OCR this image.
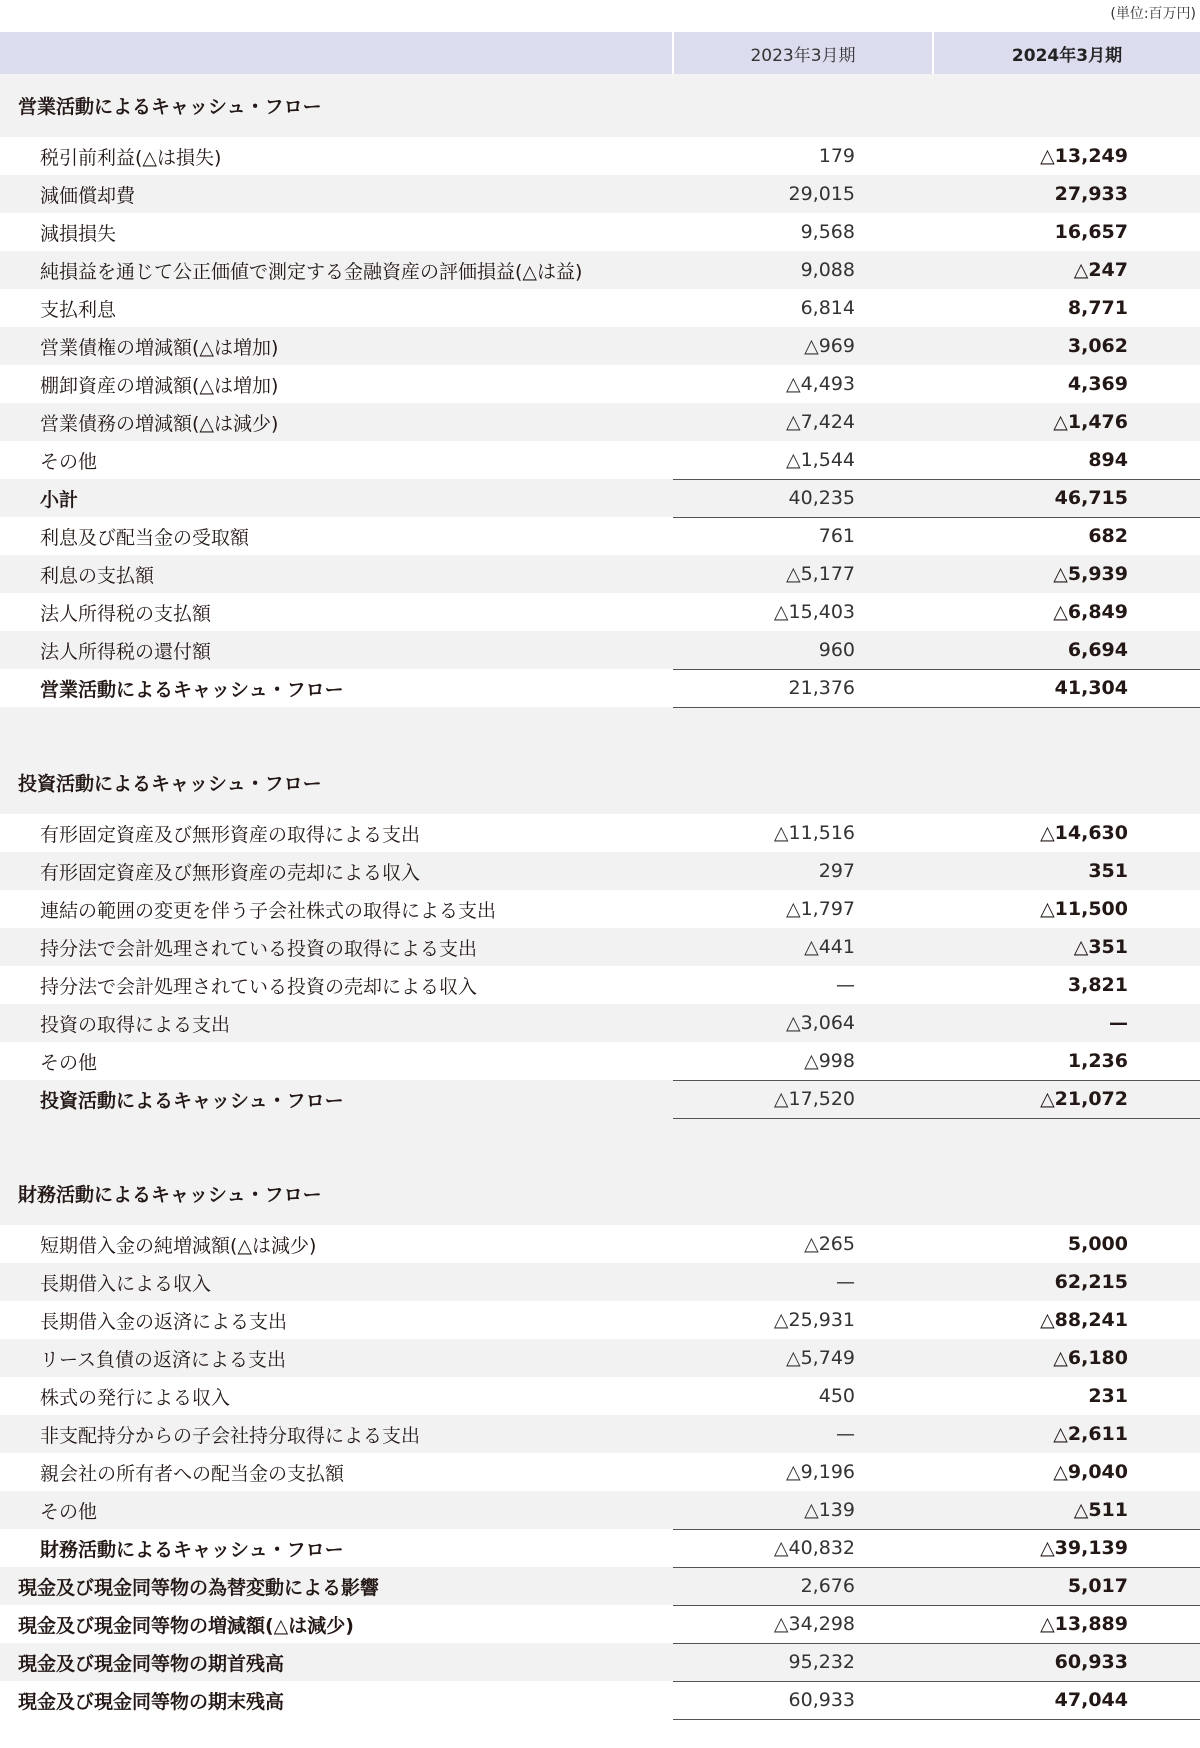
(単位:百万円)
	2023年3月期	2024年3月期
営業活動によるキャッシュ・フロー		
税引前利益(△は損失)	179	△13,249
減価償却費	29,015	27,933
減損損失	9,568	16,657
純損益を通じて公正価値で測定する金融資産の評価損益(△は益)	9,088	△247
支払利息	6,814	8,771
営業債権の増減額(△は増加)	△969	3,062
棚卸資産の増減額(△は増加)	△4,493	4,369
営業債務の増減額(△は減少)	△7,424	△1,476
その他	△1,544	894
小計	40,235	46,715
利息及び配当金の受取額	761	682
利息の支払額	△5,177	△5,939
法人所得税の支払額	△15,403	△6,849
法人所得税の還付額	960	6,694
営業活動によるキャッシュ・フロー	21,376	41,304

投資活動によるキャッシュ・フロー		
有形固定資産及び無形資産の取得による支出	△11,516	△14,630
有形固定資産及び無形資産の売却による収入	297	351
連結の範囲の変更を伴う子会社株式の取得による支出	△1,797	△11,500
持分法で会計処理されている投資の取得による支出	△441	△351
持分法で会計処理されている投資の売却による収入	—	3,821
投資の取得による支出	△3,064	—
その他	△998	1,236
投資活動によるキャッシュ・フロー	△17,520	△21,072

財務活動によるキャッシュ・フロー		
短期借入金の純増減額(△は減少)	△265	5,000
長期借入による収入	—	62,215
長期借入金の返済による支出	△25,931	△88,241
リース負債の返済による支出	△5,749	△6,180
株式の発行による収入	450	231
非支配持分からの子会社持分取得による支出	—	△2,611
親会社の所有者への配当金の支払額	△9,196	△9,040
その他	△139	△511
財務活動によるキャッシュ・フロー	△40,832	△39,139
現金及び現金同等物の為替変動による影響	2,676	5,017
現金及び現金同等物の増減額(△は減少)	△34,298	△13,889
現金及び現金同等物の期首残高	95,232	60,933
現金及び現金同等物の期末残高	60,933	47,044
